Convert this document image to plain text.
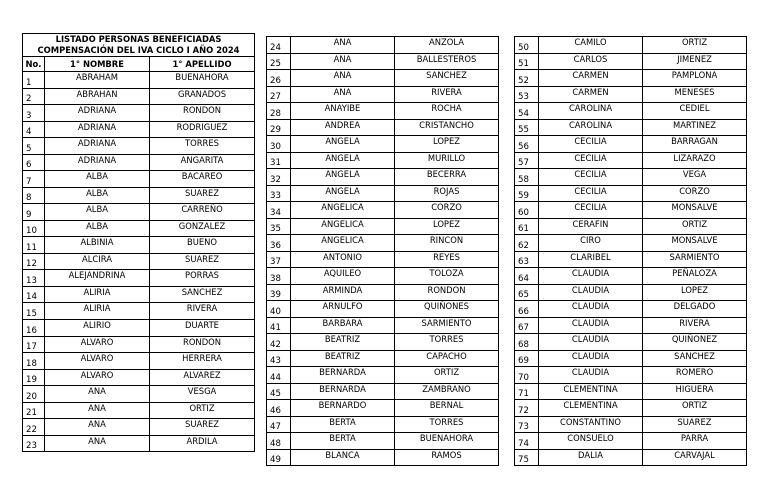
LISTADO PERSONAS BENEFICIADAS
COMPENSACIÓN DEL IVA CICLO I AÑO 2024		
No.	1° NOMBRE	1° APELLIDO
1	ABRAHAM	BUENAHORA
2	ABRAHAN	GRANADOS
3	ADRIANA	RONDON
4	ADRIANA	RODRIGUEZ
5	ADRIANA	TORRES
6	ADRIANA	ANGARITA
7	ALBA	BACAREO
8	ALBA	SUAREZ
9	ALBA	CARREÑO
10	ALBA	GONZALEZ
11	ALBINIA	BUENO
12	ALCIRA	SUAREZ
13	ALEJANDRINA	PORRAS
14	ALIRIA	SANCHEZ
15	ALIRIA	RIVERA
16	ALIRIO	DUARTE
17	ALVARO	RONDON
18	ALVARO	HERRERA
19	ALVARO	ALVAREZ
20	ANA	VESGA
21	ANA	ORTIZ
22	ANA	SUAREZ
23	ANA	ARDILA
24	ANA	ANZOLA
25	ANA	BALLESTEROS
26	ANA	SANCHEZ
27	ANA	RIVERA
28	ANAYIBE	ROCHA
29	ANDREA	CRISTANCHO
30	ANGELA	LOPEZ
31	ANGELA	MURILLO
32	ANGELA	BECERRA
33	ANGELA	ROJAS
34	ANGELICA	CORZO
35	ANGELICA	LOPEZ
36	ANGELICA	RINCON
37	ANTONIO	REYES
38	AQUILEO	TOLOZA
39	ARMINDA	RONDON
40	ARNULFO	QUIÑONES
41	BARBARA	SARMIENTO
42	BEATRIZ	TORRES
43	BEATRIZ	CAPACHO
44	BERNARDA	ORTIZ
45	BERNARDA	ZAMBRANO
46	BERNARDO	BERNAL
47	BERTA	TORRES
48	BERTA	BUENAHORA
49	BLANCA	RAMOS
50	CAMILO	ORTIZ
51	CARLOS	JIMENEZ
52	CARMEN	PAMPLONA
53	CARMEN	MENESES
54	CAROLINA	CEDIEL
55	CAROLINA	MARTINEZ
56	CECILIA	BARRAGAN
57	CECILIA	LIZARAZO
58	CECILIA	VEGA
59	CECILIA	CORZO
60	CECILIA	MONSALVE
61	CERAFIN	ORTIZ
62	CIRO	MONSALVE
63	CLARIBEL	SARMIENTO
64	CLAUDIA	PEÑALOZA
65	CLAUDIA	LOPEZ
66	CLAUDIA	DELGADO
67	CLAUDIA	RIVERA
68	CLAUDIA	QUIÑONEZ
69	CLAUDIA	SANCHEZ
70	CLAUDIA	ROMERO
71	CLEMENTINA	HIGUERA
72	CLEMENTINA	ORTIZ
73	CONSTANTINO	SUAREZ
74	CONSUELO	PARRA
75	DALIA	CARVAJAL
